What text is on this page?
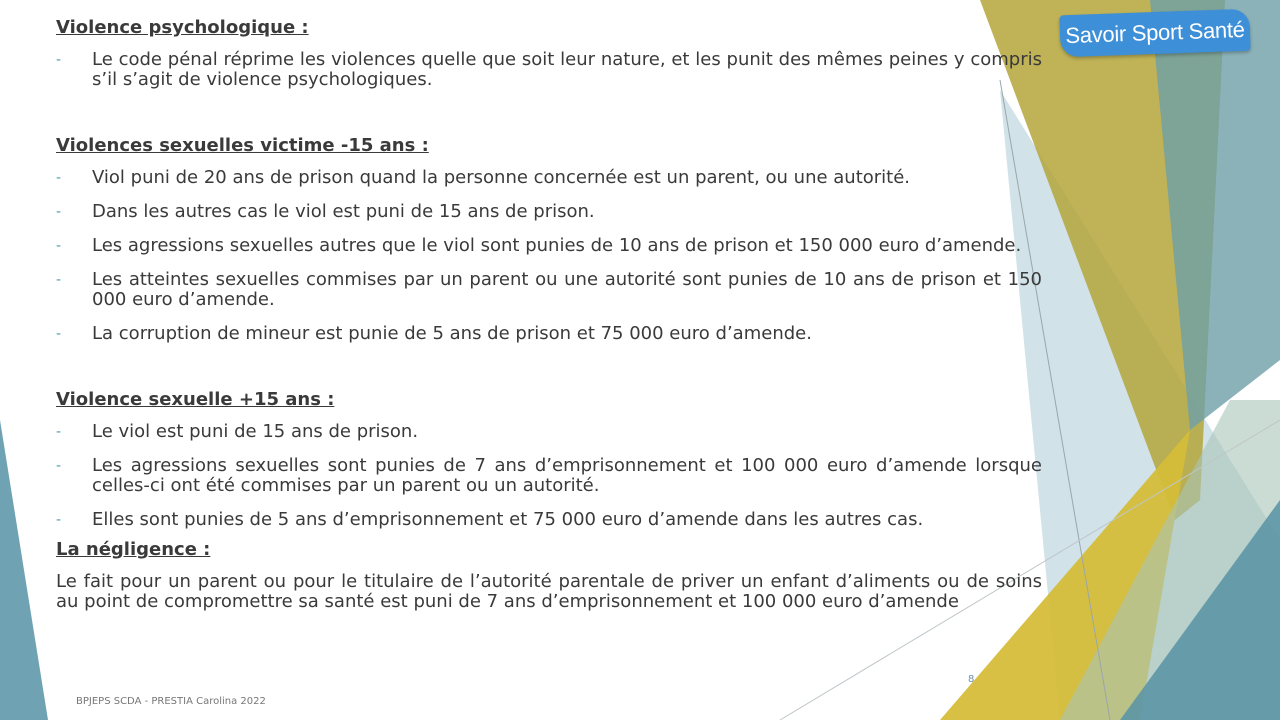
Savoir Sport Santé
Violence psychologique :
-	Le code pénal réprime les violences quelle que soit leur nature, et les punit des mêmes peines y compris s’il s’agit de violence psychologiques.
Violences sexuelles victime -15 ans :
-	Viol puni de 20 ans de prison quand la personne concernée est un parent, ou une autorité.
-	Dans les autres cas le viol est puni de 15 ans de prison.
-	Les agressions sexuelles autres que le viol sont punies de 10 ans de prison et 150 000 euro d’amende.
-	Les atteintes sexuelles commises par un parent ou une autorité sont punies de 10 ans de prison et 150 000 euro d’amende.
-	La corruption de mineur est punie de 5 ans de prison et 75 000 euro d’amende.
Violence sexuelle +15 ans :
-	Le viol est puni de 15 ans de prison.
-	Les agressions sexuelles sont punies de 7 ans d’emprisonnement et 100 000 euro d’amende lorsque celles-ci ont été commises par un parent ou un autorité.
-	Elles sont punies de 5 ans d’emprisonnement et 75 000 euro d’amende dans les autres cas.
La négligence :
Le fait pour un parent ou pour le titulaire de l’autorité parentale de priver un enfant d’aliments ou de soins au point de compromettre sa santé est puni de 7 ans d’emprisonnement et 100 000 euro d’amende
8
BPJEPS SCDA - PRESTIA Carolina 2022
